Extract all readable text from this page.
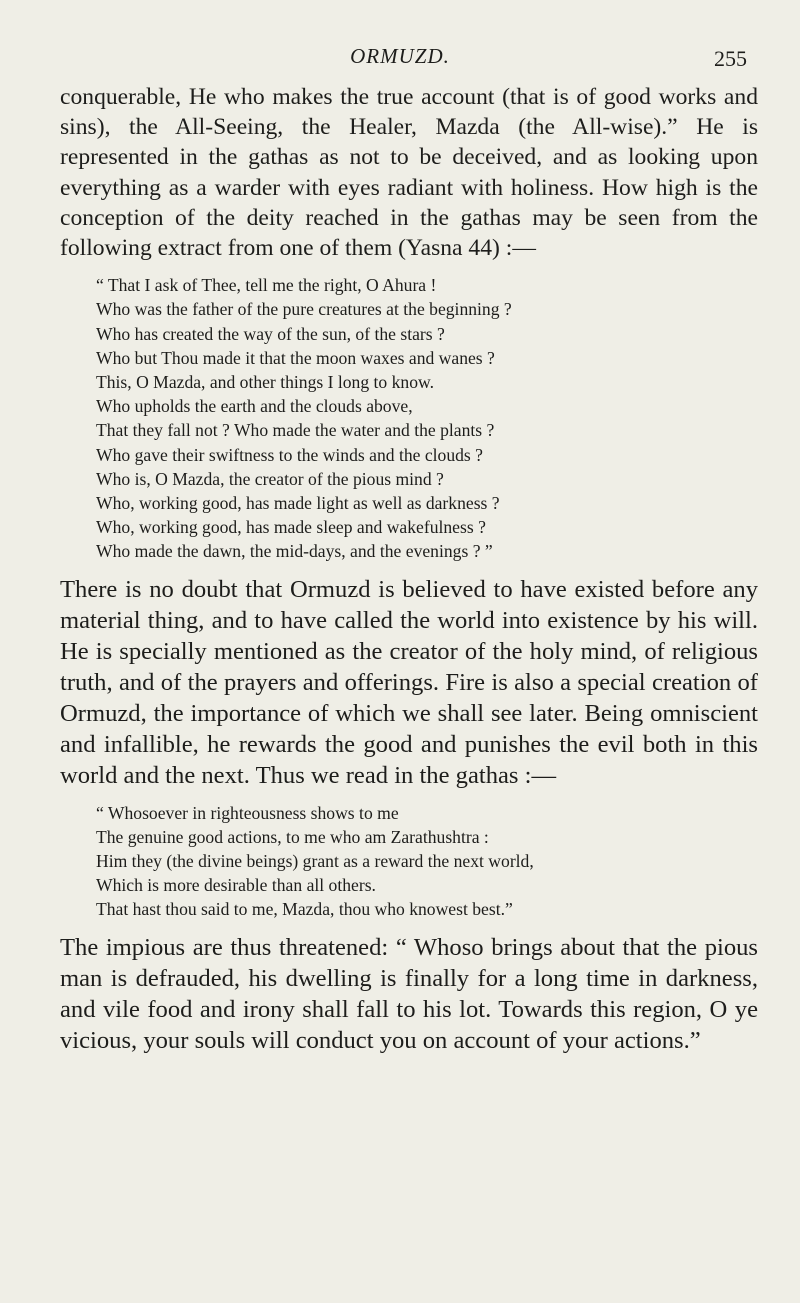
ORMUZD.	255

conquerable, He who makes the true account (that is of good works and sins), the All-Seeing, the Healer, Mazda (the All-wise).” He is represented in the gathas as not to be deceived, and as looking upon everything as a warder with eyes radiant with holiness. How high is the conception of the deity reached in the gathas may be seen from the following extract from one of them (Yasna 44) :—

“ That I ask of Thee, tell me the right, O Ahura !
Who was the father of the pure creatures at the beginning ?
Who has created the way of the sun, of the stars ?
Who but Thou made it that the moon waxes and wanes ?
This, O Mazda, and other things I long to know.
Who upholds the earth and the clouds above,
That they fall not ? Who made the water and the plants ?
Who gave their swiftness to the winds and the clouds ?
Who is, O Mazda, the creator of the pious mind ?
Who, working good, has made light as well as darkness ?
Who, working good, has made sleep and wakefulness ?
Who made the dawn, the mid-days, and the evenings ? ”

There is no doubt that Ormuzd is believed to have existed before any material thing, and to have called the world into existence by his will. He is specially mentioned as the creator of the holy mind, of religious truth, and of the prayers and offerings. Fire is also a special creation of Ormuzd, the importance of which we shall see later. Being omniscient and infallible, he rewards the good and punishes the evil both in this world and the next. Thus we read in the gathas :—

“ Whosoever in righteousness shows to me
The genuine good actions, to me who am Zarathushtra :
Him they (the divine beings) grant as a reward the next world,
Which is more desirable than all others.
That hast thou said to me, Mazda, thou who knowest best.”

The impious are thus threatened: “ Whoso brings about that the pious man is defrauded, his dwelling is finally for a long time in darkness, and vile food and irony shall fall to his lot. Towards this region, O ye vicious, your souls will conduct you on account of your actions.”
